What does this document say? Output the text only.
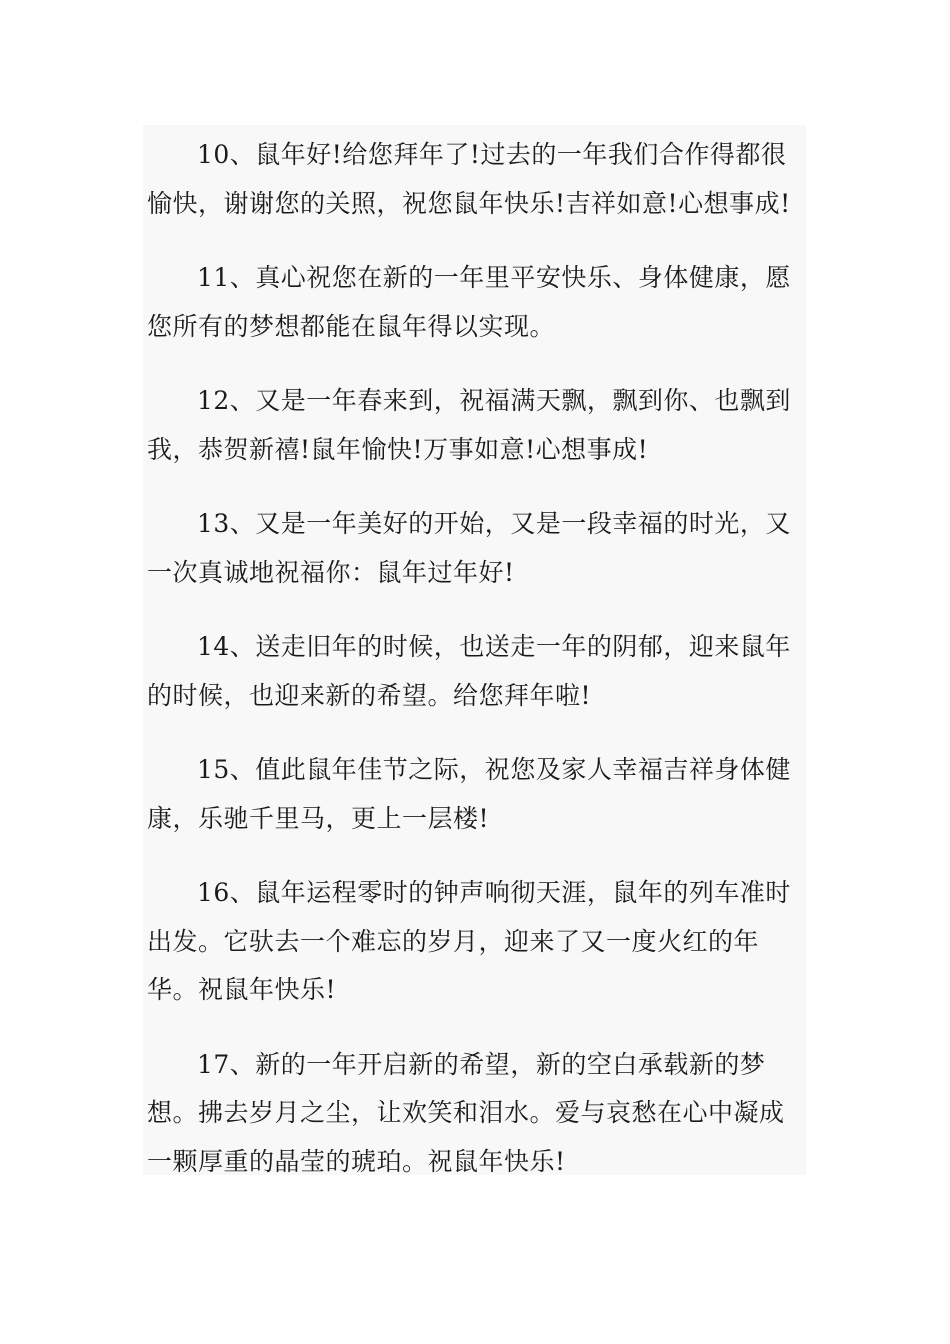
10、鼠年好!给您拜年了!过去的一年我们合作得都很愉快，谢谢您的关照，祝您鼠年快乐!吉祥如意!心想事成!

11、真心祝您在新的一年里平安快乐、身体健康，愿您所有的梦想都能在鼠年得以实现。

12、又是一年春来到，祝福满天飘，飘到你、也飘到我，恭贺新禧!鼠年愉快!万事如意!心想事成!

13、又是一年美好的开始，又是一段幸福的时光，又一次真诚地祝福你：鼠年过年好!

14、送走旧年的时候，也送走一年的阴郁，迎来鼠年的时候，也迎来新的希望。给您拜年啦!

15、值此鼠年佳节之际，祝您及家人幸福吉祥身体健康，乐驰千里马，更上一层楼!

16、鼠年运程零时的钟声响彻天涯，鼠年的列车准时出发。它驮去一个难忘的岁月，迎来了又一度火红的年华。祝鼠年快乐!

17、新的一年开启新的希望，新的空白承载新的梦想。拂去岁月之尘，让欢笑和泪水。爱与哀愁在心中凝成一颗厚重的晶莹的琥珀。祝鼠年快乐!
